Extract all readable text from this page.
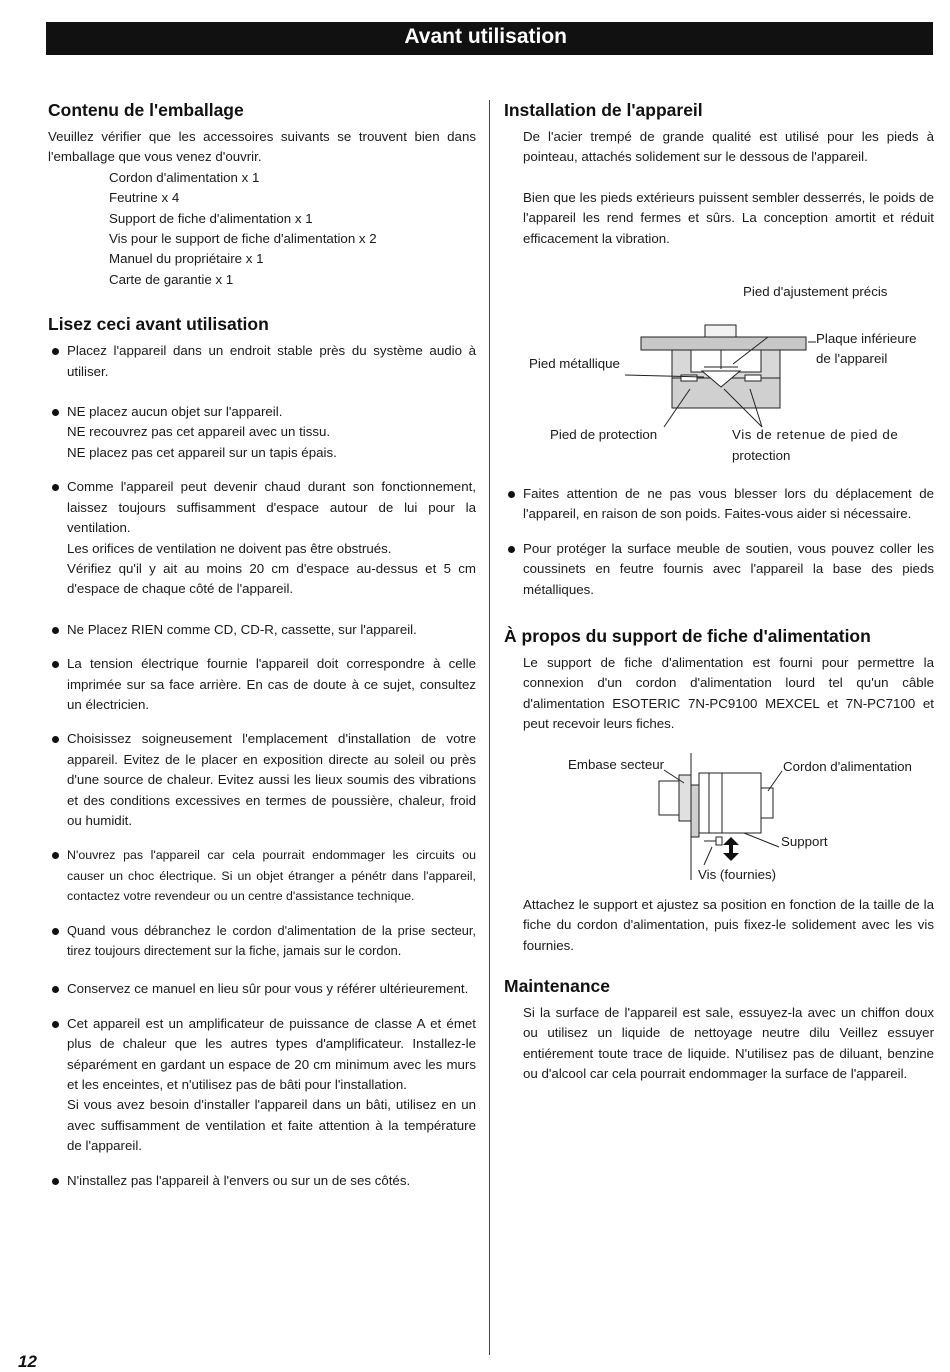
Avant utilisation
Contenu de l'emballage

Veuillez vérifier que les accessoires suivants se trouvent bien dans l'emballage que vous venez d'ouvrir.

Cordon d'alimentation x 1
Feutrine x 4
Support de fiche d'alimentation x 1
Vis pour le support de fiche d'alimentation x 2
Manuel du propriétaire x 1
Carte de garantie x 1
Lisez ceci avant utilisation

Placez l'appareil dans un endroit stable près du système audio à utiliser.

NE placez aucun objet sur l'appareil.

NE recouvrez pas cet appareil avec un tissu.

NE placez pas cet appareil sur un tapis épais.

Comme l'appareil peut devenir chaud durant son fonctionnement, laissez toujours suffisamment d'espace autour de lui pour la ventilation.

Les orifices de ventilation ne doivent pas être obstrués.

Vérifiez qu'il y ait au moins 20 cm d'espace au-dessus et 5 cm d'espace de chaque côté de l'appareil.

Ne Placez RIEN comme CD, CD-R, cassette, sur l'appareil.

La tension électrique fournie l'appareil doit correspondre à celle imprimée sur sa face arrière. En cas de doute à ce sujet, consultez un électricien.

Choisissez soigneusement l'emplacement d'installation de votre appareil. Evitez de le placer en exposition directe au soleil ou près d'une source de chaleur. Evitez aussi les lieux soumis des vibrations et des conditions excessives en termes de poussière, chaleur, froid ou humidit.

N'ouvrez pas l'appareil car cela pourrait endommager les circuits ou causer un choc électrique. Si un objet étranger a pénétr dans l'appareil, contactez votre revendeur ou un centre d'assistance technique.

Quand vous débranchez le cordon d'alimentation de la prise secteur, tirez toujours directement sur la fiche, jamais sur le cordon.

Conservez ce manuel en lieu sûr pour vous y référer ultérieurement.

Cet appareil est un amplificateur de puissance de classe A et émet plus de chaleur que les autres types d'amplificateur. Installez-le séparément en gardant un espace de 20 cm minimum avec les murs et les enceintes, et n'utilisez pas de bâti pour l'installation.

Si vous avez besoin d'installer l'appareil dans un bâti, utilisez en un avec suffisamment de ventilation et faite attention à la température de l'appareil.

N'installez pas l'appareil à l'envers ou sur un de ses côtés.

Installation de l'appareil

De l'acier trempé de grande qualité est utilisé pour les pieds à pointeau, attachés solidement sur le dessous de l'appareil.

Bien que les pieds extérieurs puissent sembler desserrés, le poids de l'appareil les rend fermes et sûrs. La conception amortit et réduit efficacement la vibration.

Pied d'ajustement précis
Plaque inférieure
de l'appareil
Pied métallique
Pied de protection	Vis de retenue de pied de
protection

Faites attention de ne pas vous blesser lors du déplacement de l'appareil, en raison de son poids. Faites-vous aider si nécessaire.

Pour protéger la surface meuble de soutien, vous pouvez coller les coussinets en feutre fournis avec l'appareil la base des pieds métalliques.

À propos du support de fiche d'alimentation

Le support de fiche d'alimentation est fourni pour permettre la connexion d'un cordon d'alimentation lourd tel qu'un câble d'alimentation ESOTERIC 7N-PC9100 MEXCEL et 7N-PC7100 et peut recevoir leurs fiches.

Embase secteur	Cordon d'alimentation
Support
Vis (fournies)

Attachez le support et ajustez sa position en fonction de la taille de la fiche du cordon d'alimentation, puis fixez-le solidement avec les vis fournies.

Maintenance

Si la surface de l'appareil est sale, essuyez-la avec un chiffon doux ou utilisez un liquide de nettoyage neutre dilu Veillez essuyer entiérement toute trace de liquide. N'utilisez pas de diluant, benzine ou d'alcool car cela pourrait endommager la surface de l'appareil.

12
